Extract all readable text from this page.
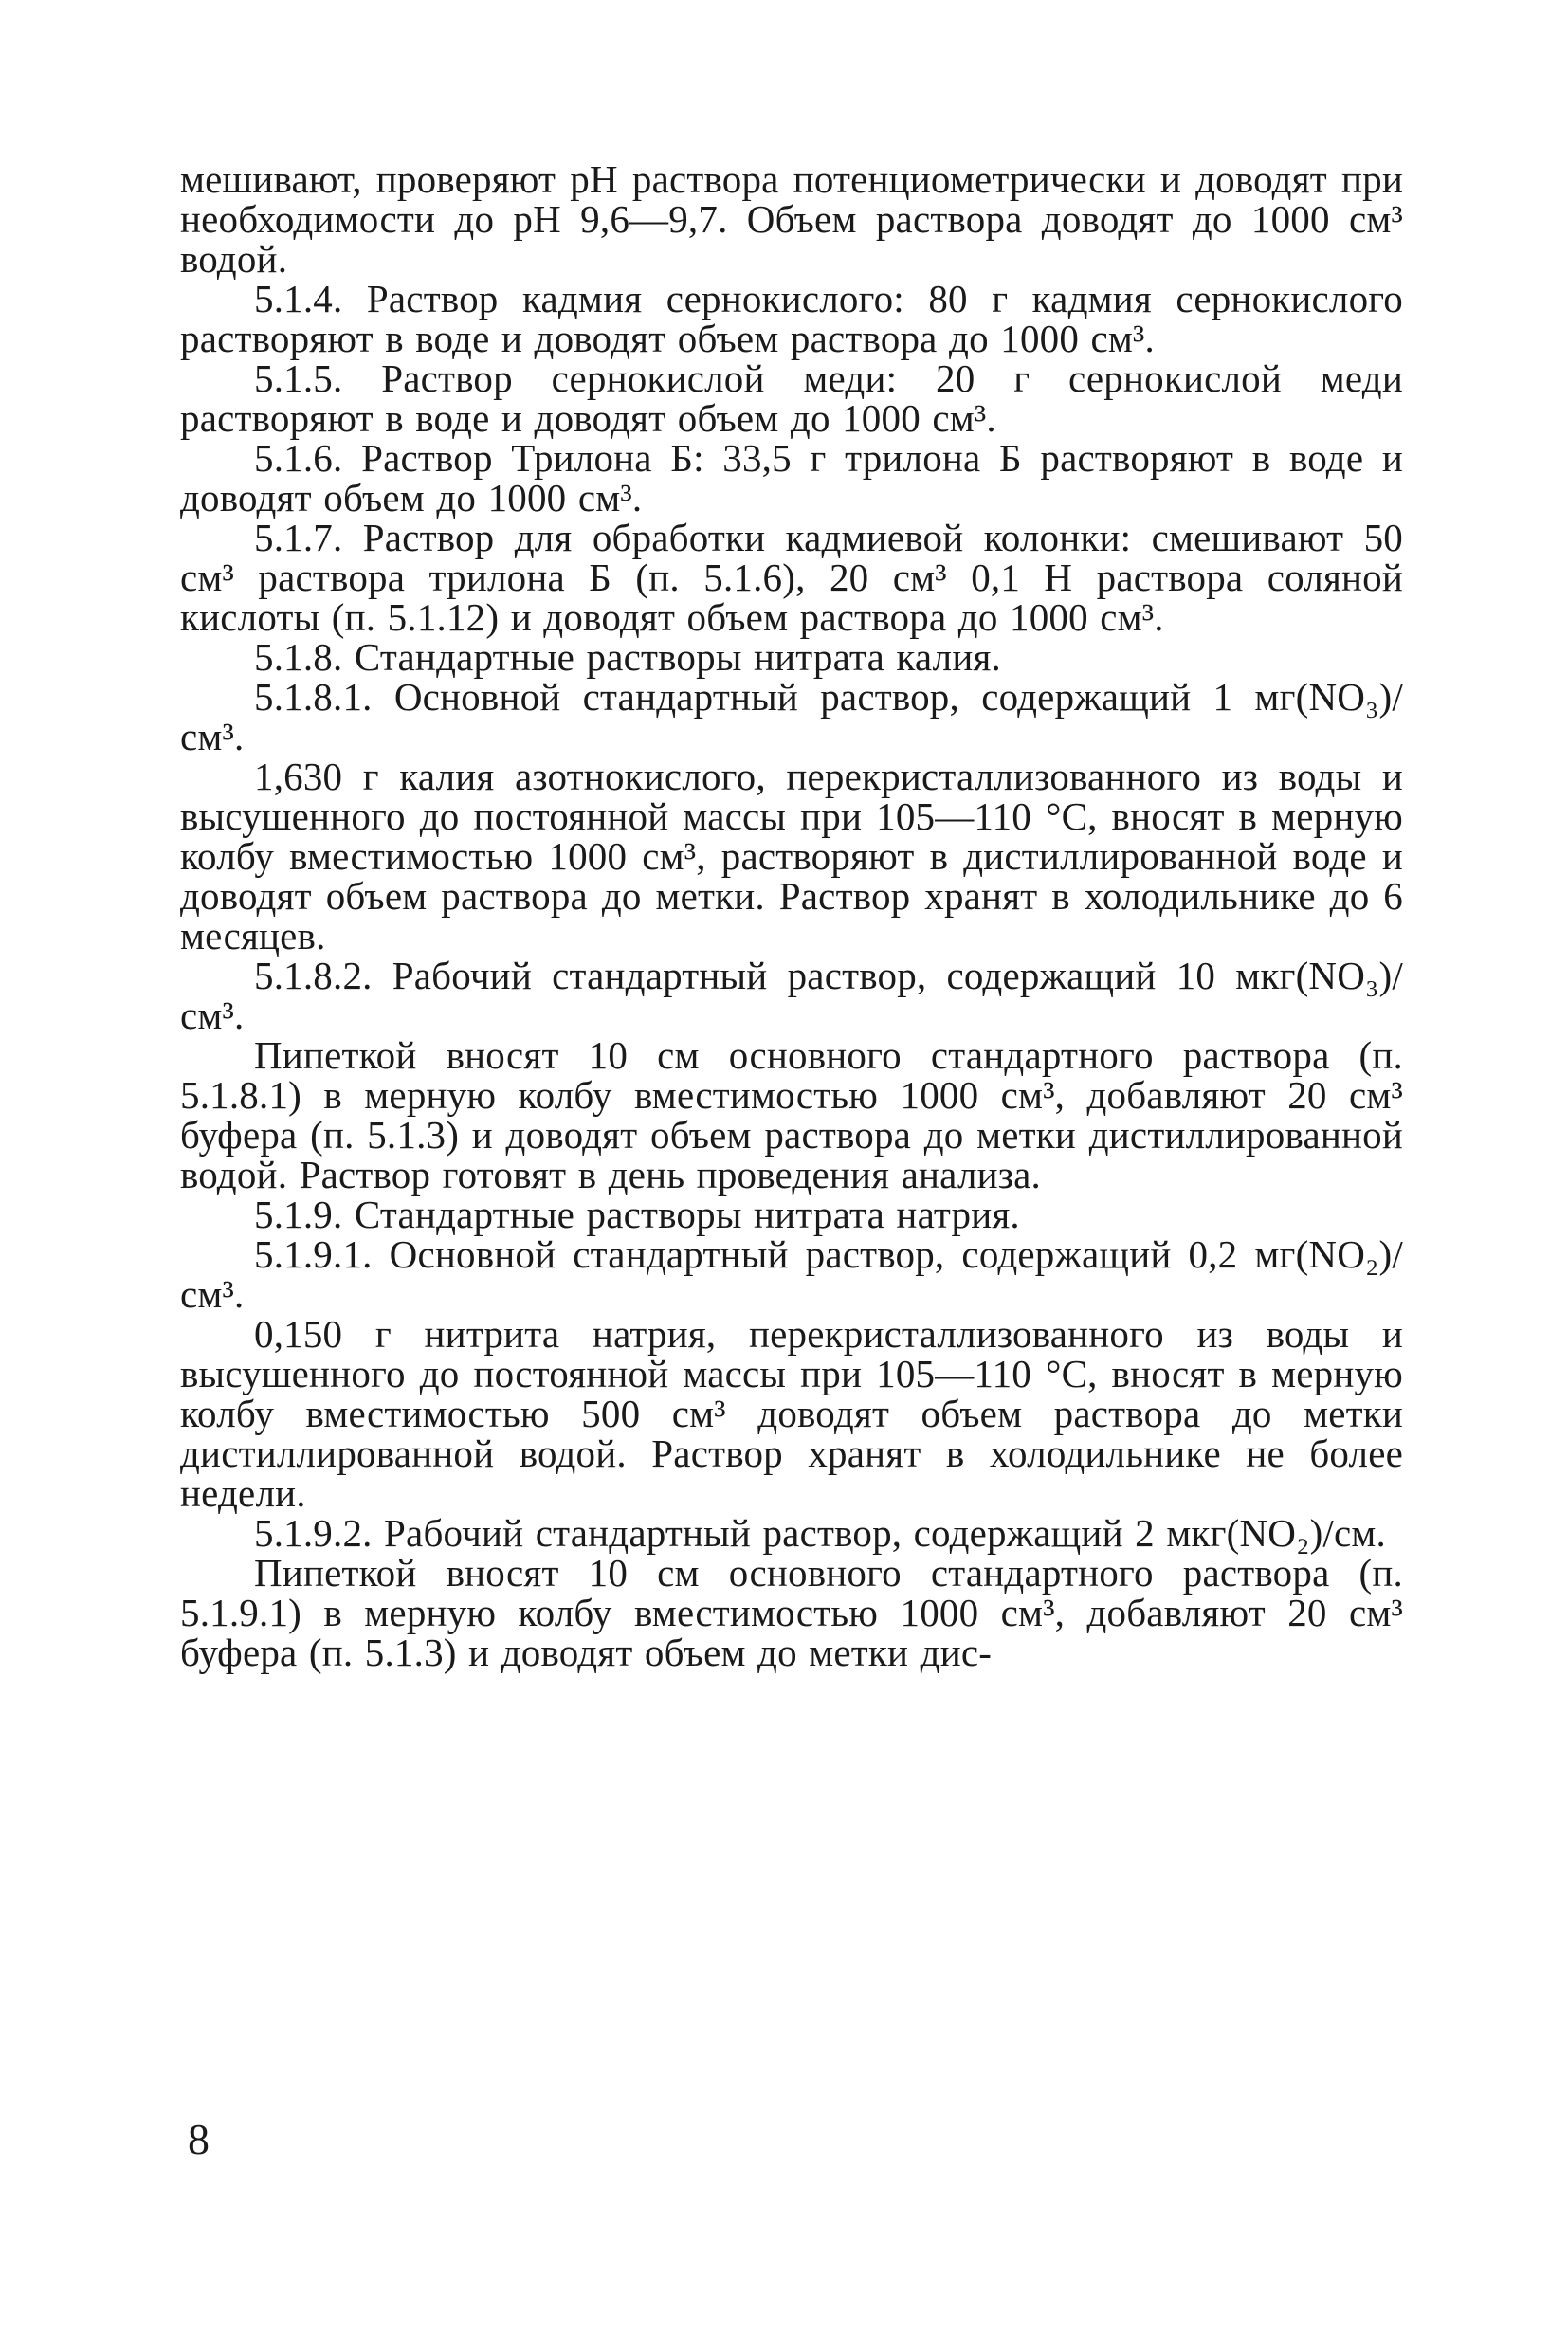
мешивают, проверяют рН раствора потенциометрически и доводят при необходимости до рН 9,6—9,7. Объем раствора доводят до 1000 см³ водой.

5.1.4. Раствор кадмия сернокислого: 80 г кадмия сернокислого растворяют в воде и доводят объем раствора до 1000 см³.

5.1.5. Раствор сернокислой меди: 20 г сернокислой меди растворяют в воде и доводят объем до 1000 см³.

5.1.6. Раствор Трилона Б: 33,5 г трилона Б растворяют в воде и доводят объем до 1000 см³.

5.1.7. Раствор для обработки кадмиевой колонки: смешивают 50 см³ раствора трилона Б (п. 5.1.6), 20 см³ 0,1 Н раствора соляной кислоты (п. 5.1.12) и доводят объем раствора до 1000 см³.

5.1.8. Стандартные растворы нитрата калия.

5.1.8.1. Основной стандартный раствор, содержащий 1 мг(NO₃)/см³.

1,630 г калия азотнокислого, перекристаллизованного из воды и высушенного до постоянной массы при 105—110 °С, вносят в мерную колбу вместимостью 1000 см³, растворяют в дистиллированной воде и доводят объем раствора до метки. Раствор хранят в холодильнике до 6 месяцев.

5.1.8.2. Рабочий стандартный раствор, содержащий 10 мкг(NO₃)/см³.

Пипеткой вносят 10 см основного стандартного раствора (п. 5.1.8.1) в мерную колбу вместимостью 1000 см³, добавляют 20 см³ буфера (п. 5.1.3) и доводят объем раствора до метки дистиллированной водой. Раствор готовят в день проведения анализа.

5.1.9. Стандартные растворы нитрата натрия.

5.1.9.1. Основной стандартный раствор, содержащий 0,2 мг(NO₂)/см³.

0,150 г нитрита натрия, перекристаллизованного из воды и высушенного до постоянной массы при 105—110 °С, вносят в мерную колбу вместимостью 500 см³ доводят объем раствора до метки дистиллированной водой. Раствор хранят в холодильнике не более недели.

5.1.9.2. Рабочий стандартный раствор, содержащий 2 мкг(NO₂)/см.

Пипеткой вносят 10 см основного стандартного раствора (п. 5.1.9.1) в мерную колбу вместимостью 1000 см³, добавляют 20 см³ буфера (п. 5.1.3) и доводят объем до метки дис-

8
